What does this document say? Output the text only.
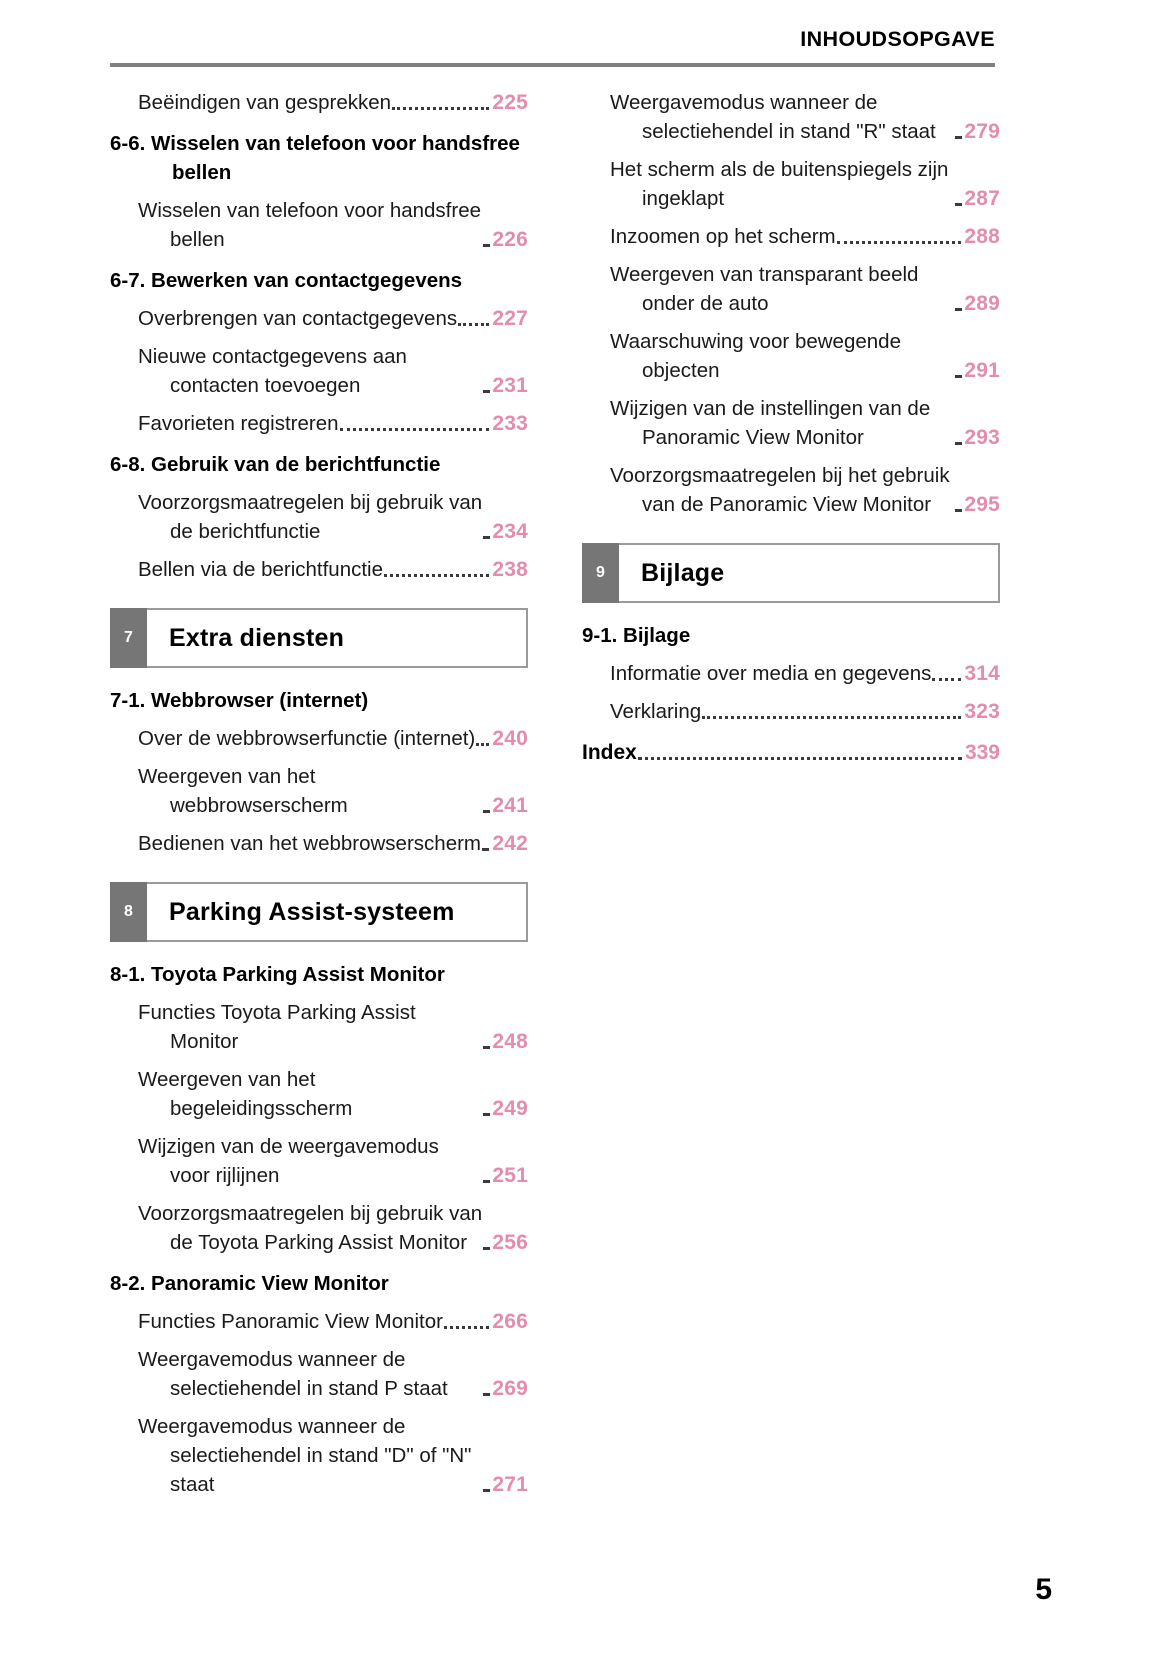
INHOUDSOPGAVE
Beëindigen van gesprekken	225
6-6. Wisselen van telefoon voor handsfree bellen
Wisselen van telefoon voor handsfree bellen	226
6-7. Bewerken van contactgegevens
Overbrengen van contactgegevens 227
Nieuwe contactgegevens aan contacten toevoegen	231
Favorieten registreren	233
6-8. Gebruik van de berichtfunctie
Voorzorgsmaatregelen bij gebruik van de berichtfunctie	234
Bellen via de berichtfunctie	238
7	Extra diensten
7-1. Webbrowser (internet)
Over de webbrowserfunctie (internet) 240
Weergeven van het webbrowserscherm	241
Bedienen van het webbrowserscherm 242
8	Parking Assist-systeem
8-1. Toyota Parking Assist Monitor
Functies Toyota Parking Assist Monitor	248
Weergeven van het begeleidingsscherm	249
Wijzigen van de weergavemodus voor rijlijnen	251
Voorzorgsmaatregelen bij gebruik van de Toyota Parking Assist Monitor	256
8-2. Panoramic View Monitor
Functies Panoramic View Monitor 266
Weergavemodus wanneer de selectiehendel in stand P staat	269
Weergavemodus wanneer de selectiehendel in stand "D" of "N" staat	271
Weergavemodus wanneer de selectiehendel in stand "R" staat	279
Het scherm als de buitenspiegels zijn ingeklapt	287
Inzoomen op het scherm	288
Weergeven van transparant beeld onder de auto	289
Waarschuwing voor bewegende objecten	291
Wijzigen van de instellingen van de Panoramic View Monitor	293
Voorzorgsmaatregelen bij het gebruik van de Panoramic View Monitor	295
9	Bijlage
9-1. Bijlage
Informatie over media en gegevens 314
Verklaring	323
Index	339
5
